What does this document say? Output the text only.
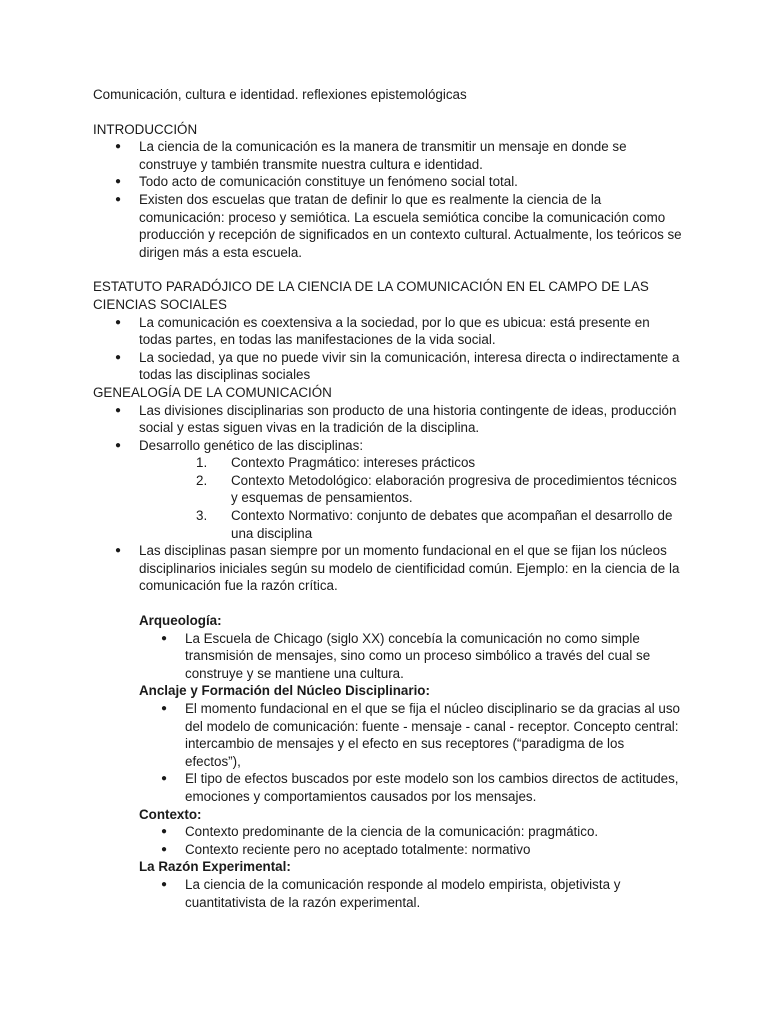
Comunicación, cultura e identidad. reflexiones epistemológicas

INTRODUCCIÓN

● La ciencia de la comunicación es la manera de transmitir un mensaje en donde se construye y también transmite nuestra cultura e identidad.
● Todo acto de comunicación constituye un fenómeno social total.
● Existen dos escuelas que tratan de definir lo que es realmente la ciencia de la comunicación: proceso y semiótica. La escuela semiótica concibe la comunicación como producción y recepción de significados en un contexto cultural. Actualmente, los teóricos se dirigen más a esta escuela.

ESTATUTO PARADÓJICO DE LA CIENCIA DE LA COMUNICACIÓN EN EL CAMPO DE LAS CIENCIAS SOCIALES

● La comunicación es coextensiva a la sociedad, por lo que es ubicua: está presente en todas partes, en todas las manifestaciones de la vida social.
● La sociedad, ya que no puede vivir sin la comunicación, interesa directa o indirectamente a todas las disciplinas sociales

GENEALOGÍA DE LA COMUNICACIÓN

● Las divisiones disciplinarias son producto de una historia contingente de ideas, producción social y estas siguen vivas en la tradición de la disciplina.
● Desarrollo genético de las disciplinas:
1. Contexto Pragmático: intereses prácticos
2. Contexto Metodológico: elaboración progresiva de procedimientos técnicos y esquemas de pensamientos.
3. Contexto Normativo: conjunto de debates que acompañan el desarrollo de una disciplina
● Las disciplinas pasan siempre por un momento fundacional en el que se fijan los núcleos disciplinarios iniciales según su modelo de cientificidad común. Ejemplo: en la ciencia de la comunicación fue la razón crítica.

Arqueología:

● La Escuela de Chicago (siglo XX) concebía la comunicación no como simple transmisión de mensajes, sino como un proceso simbólico a través del cual se construye y se mantiene una cultura.

Anclaje y Formación del Núcleo Disciplinario:

● El momento fundacional en el que se fija el núcleo disciplinario se da gracias al uso del modelo de comunicación: fuente - mensaje - canal - receptor. Concepto central: intercambio de mensajes y el efecto en sus receptores (“paradigma de los efectos”),
● El tipo de efectos buscados por este modelo son los cambios directos de actitudes, emociones y comportamientos causados por los mensajes.

Contexto:

● Contexto predominante de la ciencia de la comunicación: pragmático.
● Contexto reciente pero no aceptado totalmente: normativo

La Razón Experimental:

● La ciencia de la comunicación responde al modelo empirista, objetivista y cuantitativista de la razón experimental.
